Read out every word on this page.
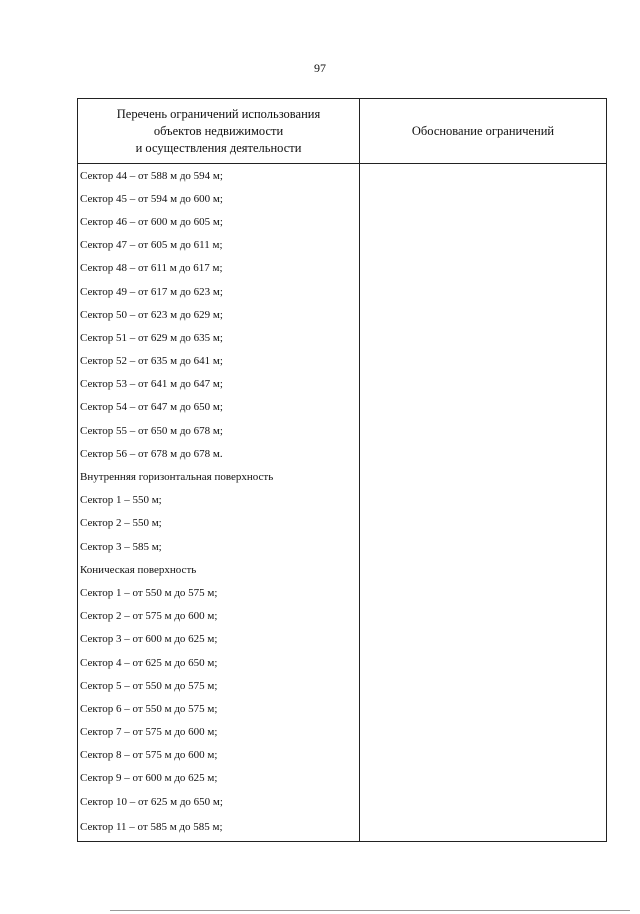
97
Перечень ограничений использования
объектов недвижимости
и осуществления деятельности	Обоснование ограничений
Сектор 44 – от 588 м до 594 м;	
Сектор 45 – от 594 м до 600 м;	
Сектор 46 – от 600 м до 605 м;	
Сектор 47 – от 605 м до 611 м;	
Сектор 48 – от 611 м до 617 м;	
Сектор 49 – от 617 м до 623 м;	
Сектор 50 – от 623 м до 629 м;	
Сектор 51 – от 629 м до 635 м;	
Сектор 52 – от 635 м до 641 м;	
Сектор 53 – от 641 м до 647 м;	
Сектор 54 – от 647 м до 650 м;	
Сектор 55 – от 650 м до 678 м;	
Сектор 56 – от 678 м до 678 м.	
Внутренняя горизонтальная поверхность	
Сектор 1 – 550 м;	
Сектор 2 – 550 м;	
Сектор 3 – 585 м;	
Коническая поверхность	
Сектор 1 – от 550 м до 575 м;	
Сектор 2 – от 575 м до 600 м;	
Сектор 3 – от 600 м до 625 м;	
Сектор 4 – от 625 м до 650 м;	
Сектор 5 – от 550 м до 575 м;	
Сектор 6 – от 550 м до 575 м;	
Сектор 7 – от 575 м до 600 м;	
Сектор 8 – от 575 м до 600 м;	
Сектор 9 – от 600 м до 625 м;	
Сектор 10 – от 625 м до 650 м;	
Сектор 11 – от 585 м до 585 м;	
